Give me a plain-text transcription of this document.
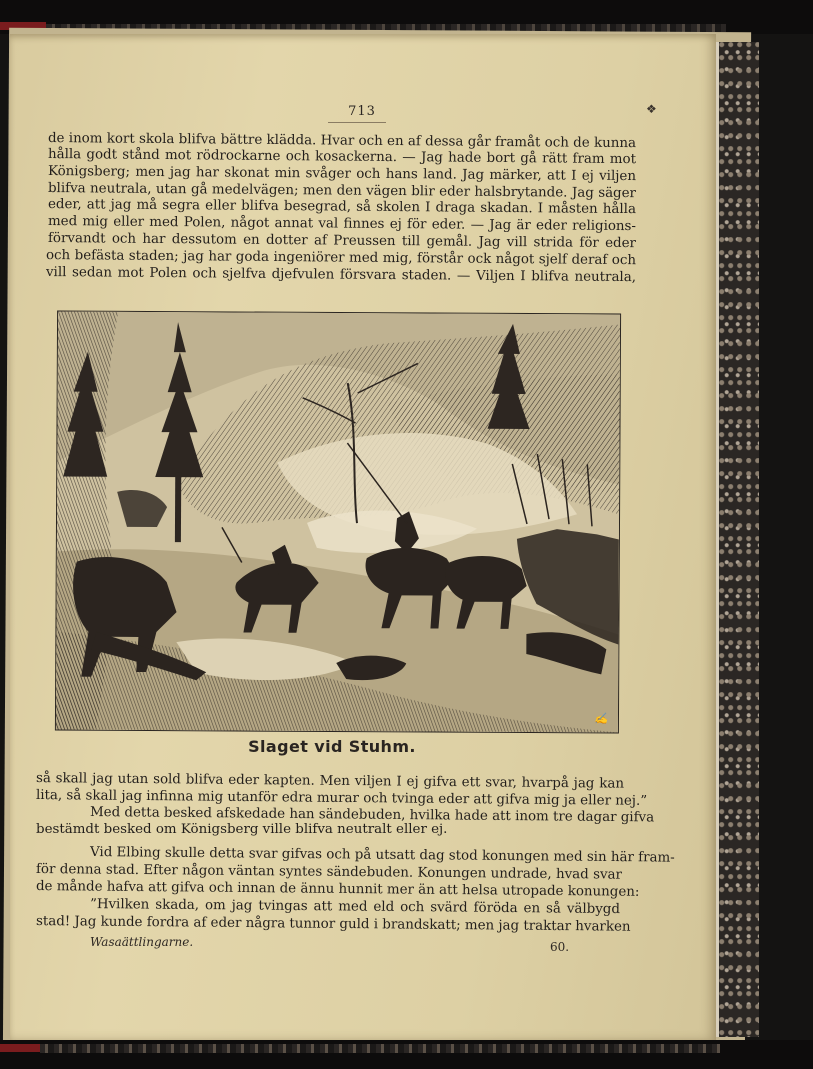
713	❖
de inom kort skola blifva bättre klädda. Hvar och en af dessa går framåt och de kunna
hålla godt stånd mot rödrockarne och kosackerna. — Jag hade bort gå rätt fram mot
Königsberg; men jag har skonat min svåger och hans land. Jag märker, att I ej viljen
blifva neutrala, utan gå medelvägen; men den vägen blir eder halsbrytande. Jag säger
eder, att jag må segra eller blifva besegrad, så skolen I draga skadan. I måsten hålla
med mig eller med Polen, något annat val finnes ej för eder. — Jag är eder religions-
förvandt och har dessutom en dotter af Preussen till gemål. Jag vill strida för eder
och befästa staden; jag har goda ingeniörer med mig, förstår ock något sjelf deraf och
vill sedan mot Polen och sjelfva djefvulen försvara staden. — Viljen I blifva neutrala,
✍
Slaget vid Stuhm.
så skall jag utan sold blifva eder kapten. Men viljen I ej gifva ett svar, hvarpå jag kan
lita, så skall jag infinna mig utanför edra murar och tvinga eder att gifva mig ja eller nej.”
Med detta besked afskedade han sändebuden, hvilka hade att inom tre dagar gifva
bestämdt besked om Königsberg ville blifva neutralt eller ej.
Vid Elbing skulle detta svar gifvas och på utsatt dag stod konungen med sin här fram-
för denna stad. Efter någon väntan syntes sändebuden. Konungen undrade, hvad svar
de månde hafva att gifva och innan de ännu hunnit mer än att helsa utropade konungen:
”Hvilken skada, om jag tvingas att med eld och svärd föröda en så välbygd
stad! Jag kunde fordra af eder några tunnor guld i brandskatt; men jag traktar hvarken
Wasaättlingarne.	60.
